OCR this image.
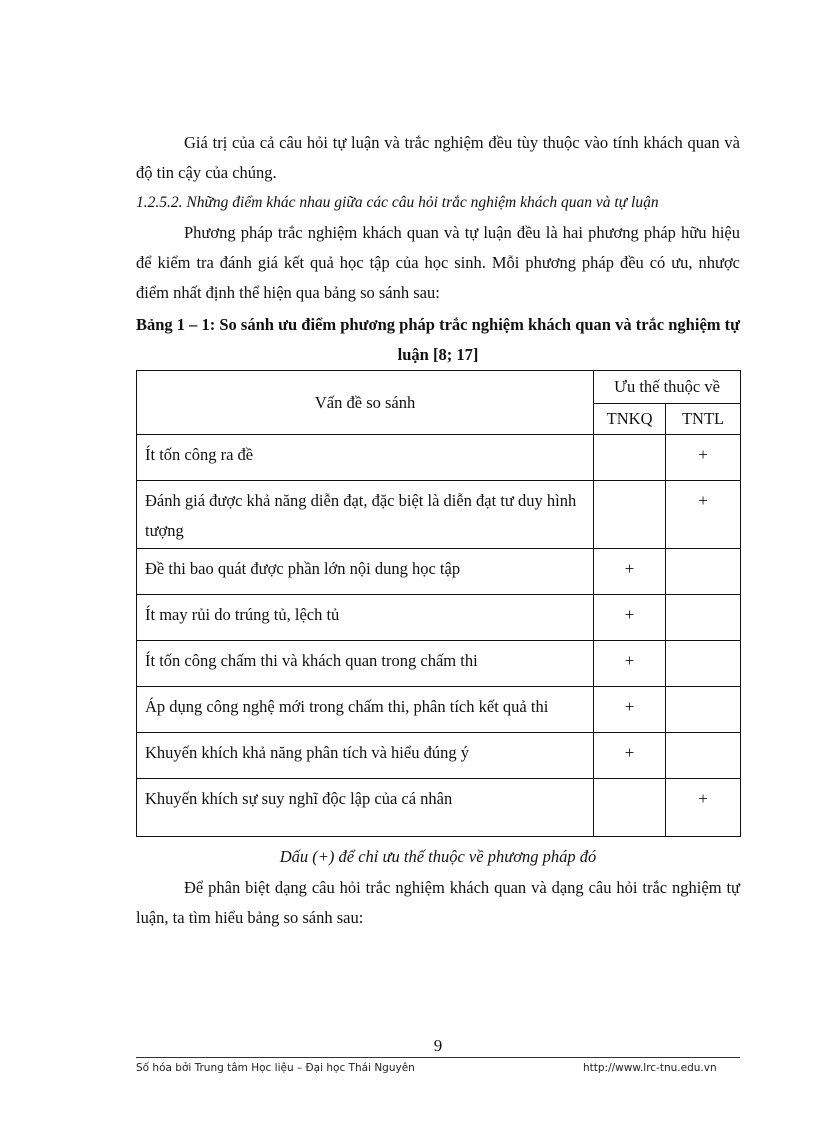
Giá trị của cả câu hỏi tự luận và trắc nghiệm đều tùy thuộc vào tính khách quan và độ tin cậy của chúng.
1.2.5.2. Những điểm khác nhau giữa các câu hỏi trắc nghiệm khách quan và tự luận
Phương pháp trắc nghiệm khách quan và tự luận đều là hai phương pháp hữu hiệu để kiểm tra đánh giá kết quả học tập của học sinh. Mỗi phương pháp đều có ưu, nhược điểm nhất định thể hiện qua bảng so sánh sau:
Bảng 1 – 1: So sánh ưu điểm phương pháp trắc nghiệm khách quan và trắc nghiệm tự luận [8; 17]
Vấn đề so sánh	Ưu thế thuộc về	
	TNKQ	TNTL
Ít tốn công ra đề		+
Đánh giá được khả năng diễn đạt, đặc biệt là diễn đạt tư duy hình tượng		+
Đề thi bao quát được phần lớn nội dung học tập	+	
Ít may rủi do trúng tủ, lệch tủ	+	
Ít tốn công chấm thi và khách quan trong chấm thi	+	
Áp dụng công nghệ mới trong chấm thi, phân tích kết quả thi	+	
Khuyến khích khả năng phân tích và hiểu đúng ý	+	
Khuyến khích sự suy nghĩ độc lập của cá nhân		+
Dấu (+) để chỉ ưu thế thuộc về phương pháp đó
Để phân biệt dạng câu hỏi trắc nghiệm khách quan và dạng câu hỏi trắc nghiệm tự luận, ta tìm hiểu bảng so sánh sau:
9
Số hóa bởi Trung tâm Học liệu – Đại học Thái Nguyên	http://www.lrc-tnu.edu.vn
